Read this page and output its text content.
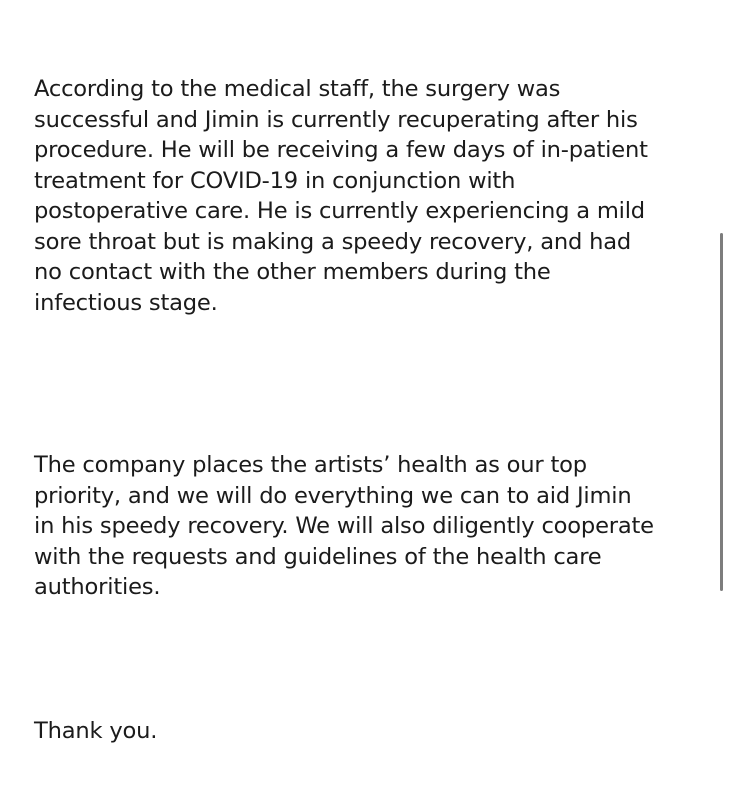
According to the medical staff, the surgery was
successful and Jimin is currently recuperating after his
procedure. He will be receiving a few days of in-patient
treatment for COVID-19 in conjunction with
postoperative care. He is currently experiencing a mild
sore throat but is making a speedy recovery, and had
no contact with the other members during the
infectious stage.

The company places the artists’ health as our top
priority, and we will do everything we can to aid Jimin
in his speedy recovery. We will also diligently cooperate
with the requests and guidelines of the health care
authorities.

Thank you.
